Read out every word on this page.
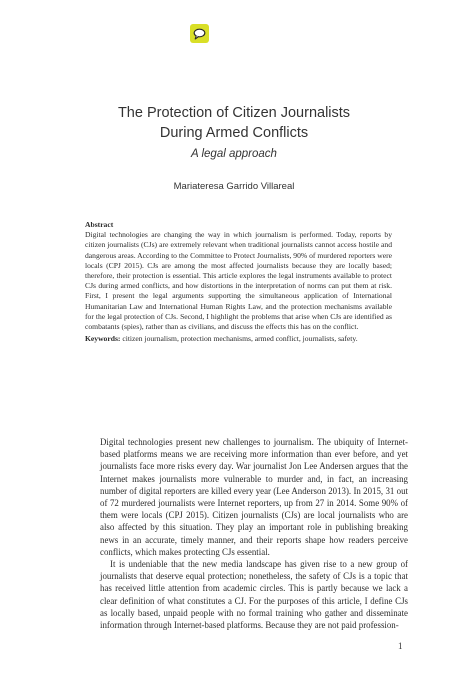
The Protection of Citizen Journalists
During Armed Conflicts
A legal approach
Mariateresa Garrido Villareal
Abstract

Digital technologies are changing the way in which journalism is performed. Today, reports by citizen journalists (CJs) are extremely relevant when traditional journalists cannot access hostile and dangerous areas. According to the Committee to Protect Journalists, 90% of murdered reporters were locals (CPJ 2015). CJs are among the most affected journalists because they are locally based; therefore, their protection is essential. This article explores the legal instruments available to protect CJs during armed conflicts, and how distortions in the interpretation of norms can put them at risk. First, I present the legal arguments supporting the simultaneous application of International Humanitarian Law and International Human Rights Law, and the protection mechanisms available for the legal protection of CJs. Second, I highlight the problems that arise when CJs are identified as combatants (spies), rather than as civilians, and discuss the effects this has on the conflict.

Keywords: citizen journalism, protection mechanisms, armed conflict, journalists, safety.

Digital technologies present new challenges to journalism. The ubiquity of Internet-based platforms means we are receiving more information than ever before, and yet journalists face more risks every day. War journalist Jon Lee Andersen argues that the Internet makes journalists more vulnerable to murder and, in fact, an increasing number of digital reporters are killed every year (Lee Anderson 2013). In 2015, 31 out of 72 murdered journalists were Internet reporters, up from 27 in 2014. Some 90% of them were locals (CPJ 2015). Citizen journalists (CJs) are local journalists who are also affected by this situation. They play an important role in publishing breaking news in an accurate, timely manner, and their reports shape how readers perceive conflicts, which makes protecting CJs essential.

It is undeniable that the new media landscape has given rise to a new group of journalists that deserve equal protection; nonetheless, the safety of CJs is a topic that has received little attention from academic circles. This is partly because we lack a clear definition of what constitutes a CJ. For the purposes of this article, I define CJs as locally based, unpaid people with no formal training who gather and disseminate information through Internet-based platforms. Because they are not paid profession-

1
